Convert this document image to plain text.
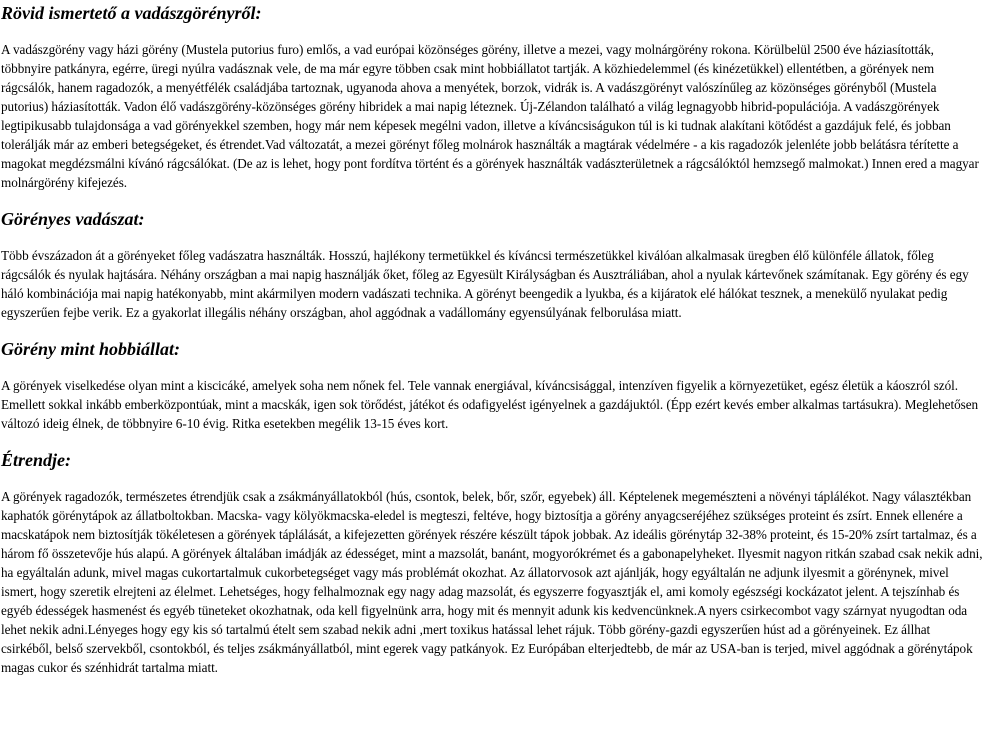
Rövid ismertető a vadászgörényről:

A vadászgörény vagy házi görény (Mustela putorius furo) emlős, a vad európai közönséges görény, illetve a mezei, vagy molnárgörény rokona. Körülbelül 2500 éve háziasították, többnyire patkányra, egérre, üregi nyúlra vadásznak vele, de ma már egyre többen csak mint hobbiállatot tartják. A közhiedelemmel (és kinézetükkel) ellentétben, a görények nem rágcsálók, hanem ragadozók, a menyétfélék családjába tartoznak, ugyanoda ahova a menyétek, borzok, vidrák is. A vadászgörényt valószínűleg az közönséges görényből (Mustela putorius) háziasították. Vadon élő vadászgörény-közönséges görény hibridek a mai napig léteznek. Új-Zélandon található a világ legnagyobb hibrid-populációja. A vadászgörények legtipikusabb tulajdonsága a vad görényekkel szemben, hogy már nem képesek megélni vadon, illetve a kíváncsiságukon túl is ki tudnak alakítani kötődést a gazdájuk felé, és jobban tolerálják már az emberi betegségeket, és étrendet.Vad változatát, a mezei görényt főleg molnárok használták a magtárak védelmére - a kis ragadozók jelenléte jobb belátásra térítette a magokat megdézsmálni kívánó rágcsálókat. (De az is lehet, hogy pont fordítva történt és a görények használták vadászterületnek a rágcsálóktól hemzsegő malmokat.) Innen ered a magyar molnárgörény kifejezés.

Görényes vadászat:

Több évszázadon át a görényeket főleg vadászatra használták. Hosszú, hajlékony termetükkel és kíváncsi természetükkel kiválóan alkalmasak üregben élő különféle állatok, főleg rágcsálók és nyulak hajtására. Néhány országban a mai napig használják őket, főleg az Egyesült Királyságban és Ausztráliában, ahol a nyulak kártevőnek számítanak. Egy görény és egy háló kombinációja mai napig hatékonyabb, mint akármilyen modern vadászati technika. A görényt beengedik a lyukba, és a kijáratok elé hálókat tesznek, a menekülő nyulakat pedig egyszerűen fejbe verik. Ez a gyakorlat illegális néhány országban, ahol aggódnak a vadállomány egyensúlyának felborulása miatt.

Görény mint hobbiállat:

A görények viselkedése olyan mint a kiscicáké, amelyek soha nem nőnek fel. Tele vannak energiával, kíváncsisággal, intenzíven figyelik a környezetüket, egész életük a káoszról szól. Emellett sokkal inkább emberközpontúak, mint a macskák, igen sok törődést, játékot és odafigyelést igényelnek a gazdájuktól. (Épp ezért kevés ember alkalmas tartásukra). Meglehetősen változó ideig élnek, de többnyire 6-10 évig. Ritka esetekben megélik 13-15 éves kort.

Étrendje:

A görények ragadozók, természetes étrendjük csak a zsákmányállatokból (hús, csontok, belek, bőr, szőr, egyebek) áll. Képtelenek megemészteni a növényi táplálékot. Nagy választékban kaphatók görénytápok az állatboltokban. Macska- vagy kölyökmacska-eledel is megteszi, feltéve, hogy biztosítja a görény anyagcseréjéhez szükséges proteint és zsírt. Ennek ellenére a macskatápok nem biztosítják tökéletesen a görények táplálását, a kifejezetten görények részére készült tápok jobbak. Az ideális görénytáp 32-38% proteint, és 15-20% zsírt tartalmaz, és a három fő összetevője hús alapú. A görények általában imádják az édességet, mint a mazsolát, banánt, mogyorókrémet és a gabonapelyheket. Ilyesmit nagyon ritkán szabad csak nekik adni, ha egyáltalán adunk, mivel magas cukortartalmuk cukorbetegséget vagy más problémát okozhat. Az állatorvosok azt ajánlják, hogy egyáltalán ne adjunk ilyesmit a görénynek, mivel ismert, hogy szeretik elrejteni az élelmet. Lehetséges, hogy felhalmoznak egy nagy adag mazsolát, és egyszerre fogyasztják el, ami komoly egészségi kockázatot jelent. A tejszínhab és egyéb édességek hasmenést és egyéb tüneteket okozhatnak, oda kell figyelnünk arra, hogy mit és mennyit adunk kis kedvencünknek.A nyers csirkecombot vagy szárnyat nyugodtan oda lehet nekik adni.Lényeges hogy egy kis só tartalmú ételt sem szabad nekik adni ,mert toxikus hatással lehet rájuk. Több görény-gazdi egyszerűen húst ad a görényeinek. Ez állhat csirkéből, belső szervekből, csontokból, és teljes zsákmányállatból, mint egerek vagy patkányok. Ez Európában elterjedtebb, de már az USA-ban is terjed, mivel aggódnak a görénytápok magas cukor és szénhidrát tartalma miatt.
